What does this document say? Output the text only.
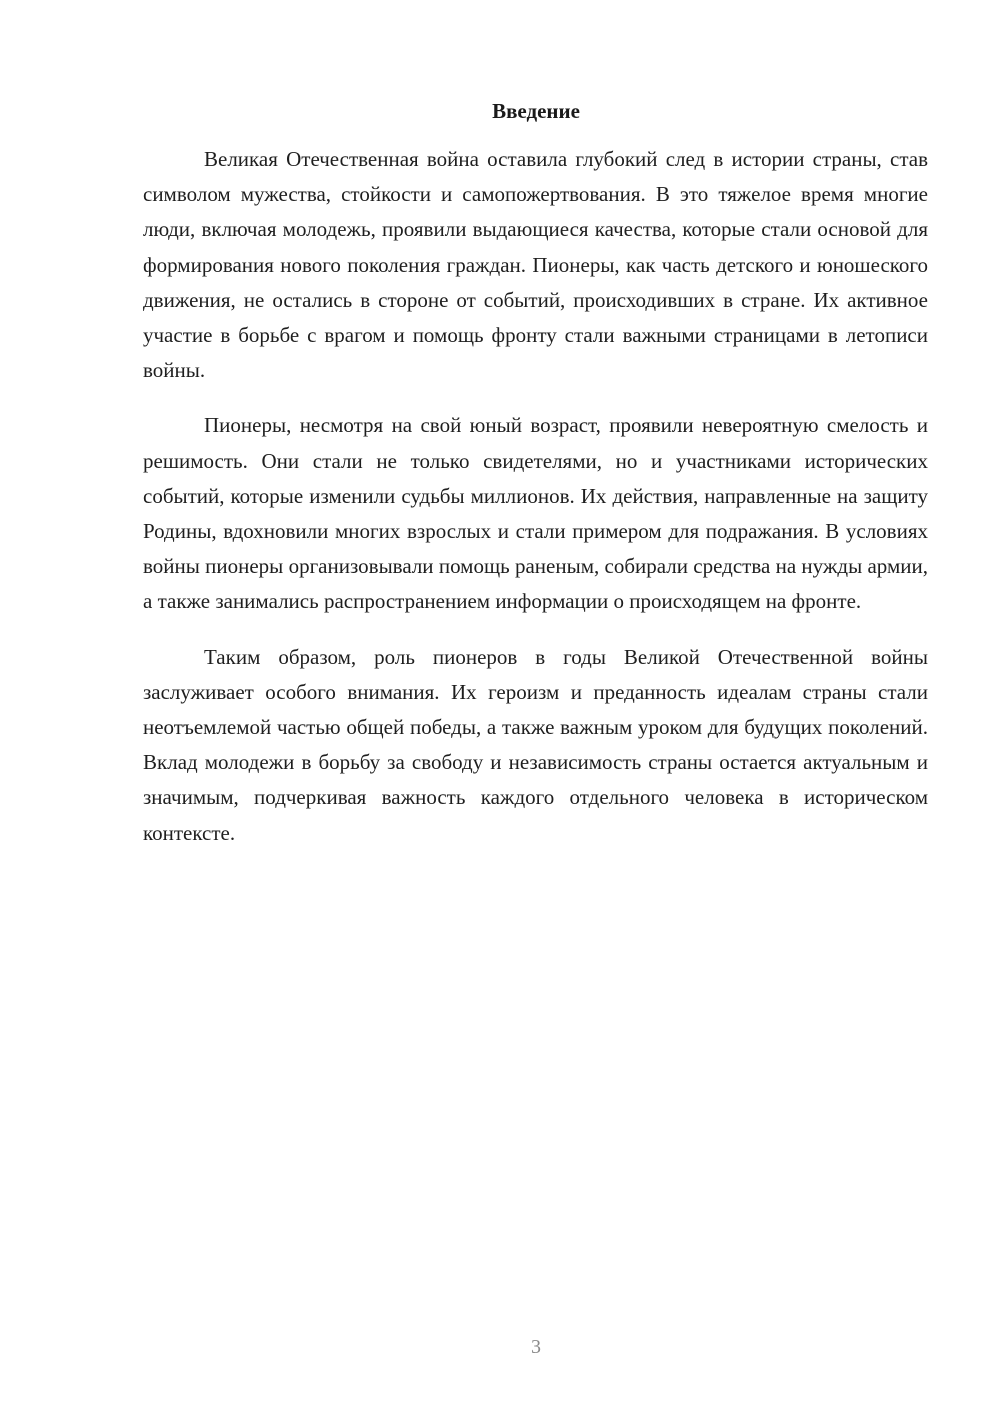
Введение

Великая Отечественная война оставила глубокий след в истории страны, став символом мужества, стойкости и самопожертвования. В это тяжелое время многие люди, включая молодежь, проявили выдающиеся качества, которые стали основой для формирования нового поколения граждан. Пионеры, как часть детского и юношеского движения, не остались в стороне от событий, происходивших в стране. Их активное участие в борьбе с врагом и помощь фронту стали важными страницами в летописи войны.

Пионеры, несмотря на свой юный возраст, проявили невероятную смелость и решимость. Они стали не только свидетелями, но и участниками исторических событий, которые изменили судьбы миллионов. Их действия, направленные на защиту Родины, вдохновили многих взрослых и стали примером для подражания. В условиях войны пионеры организовывали помощь раненым, собирали средства на нужды армии, а также занимались распространением информации о происходящем на фронте.

Таким образом, роль пионеров в годы Великой Отечественной войны заслуживает особого внимания. Их героизм и преданность идеалам страны стали неотъемлемой частью общей победы, а также важным уроком для будущих поколений. Вклад молодежи в борьбу за свободу и независимость страны остается актуальным и значимым, подчеркивая важность каждого отдельного человека в историческом контексте.

3
